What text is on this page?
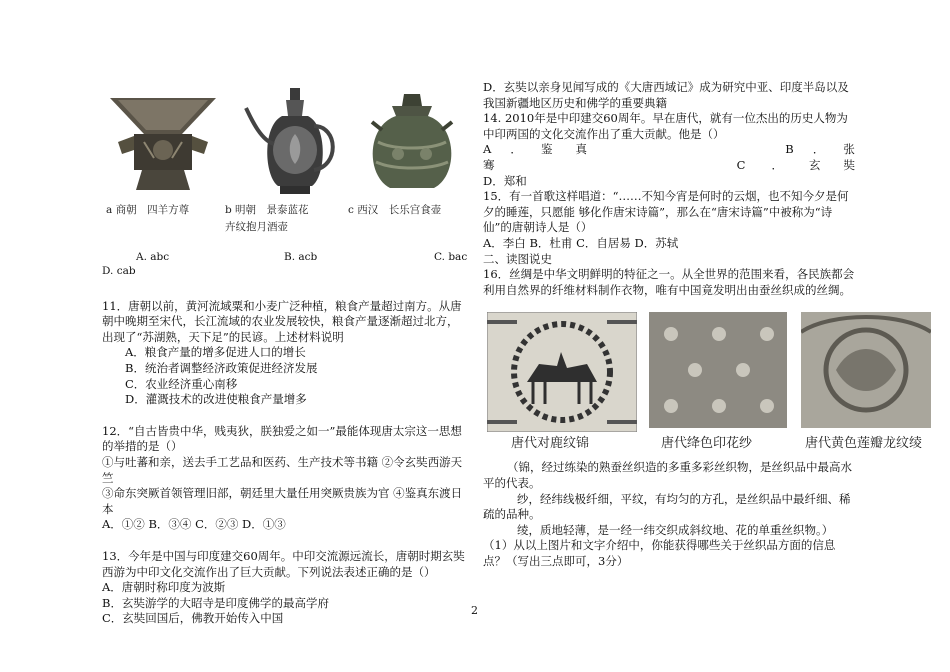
a 商朝　四羊方尊	b 明朝　景泰蓝花
卉纹抱月酒壶
c 西汉　长乐宫食壶
A. abc	B. acb	C. bac
D. cab

11．唐朝以前，黄河流域粟和小麦广泛种植，粮食产量超过南方。从唐朝中晚期至宋代，长江流域的农业发展较快，粮食产量逐渐超过北方，出现了“苏湖熟，天下足”的民谚。上述材料说明

A．粮食产量的增多促进人口的增长

B．统治者调整经济政策促进经济发展

C．农业经济重心南移

D．灌溉技术的改进使粮食产量增多

12．“自古皆贵中华，贱夷狄，朕独爱之如一”最能体现唐太宗这一思想的举措的是（）

①与吐蕃和亲，送去手工艺品和医药、生产技术等书籍 ②令玄奘西游天竺

③命东突厥首领管理旧部，朝廷里大量任用突厥贵族为官 ④鉴真东渡日本

A．①② B．③④ C．②③ D．①③

13．今年是中国与印度建交60周年。中印交流源远流长，唐朝时期玄奘西游为中印文化交流作出了巨大贡献。下列说法表述正确的是（）

A．唐朝时称印度为波斯

B．玄奘游学的大昭寺是印度佛学的最高学府

C．玄奘回国后，佛教开始传入中国

D．玄奘以亲身见闻写成的《大唐西域记》成为研究中亚、印度半岛以及我国新疆地区历史和佛学的重要典籍

14. 2010年是中印建交60周年。早在唐代，就有一位杰出的历史人物为中印两国的文化交流作出了重大贡献。他是（）

A ． 鉴　　真	B ． 张
骞	C ． 玄　　奘

D．郑和

15．有一首歌这样唱道：“……不知今宵是何时的云烟，也不知今夕是何夕的睡莲，只愿能 够化作唐宋诗篇”，那么在“唐宋诗篇”中被称为“诗仙”的唐朝诗人是（）

A．李白 B．杜甫 C．自居易 D．苏轼

二、读图说史

16．丝绸是中华文明鲜明的特征之一。从全世界的范围来看，各民族都会利用自然界的纤维材料制作衣物，唯有中国竟发明出由蚕丝织成的丝绸。

唐代对鹿纹锦	唐代绛色印花纱	唐代黄色莲瓣龙纹绫

（锦，经过练染的熟蚕丝织造的多重多彩丝织物，是丝织品中最高水平的代表。

纱，经纬线极纤细，平纹，有均匀的方孔，是丝织品中最纤细、稀疏的品种。

绫，质地轻薄，是一经一纬交织成斜纹地、花的单重丝织物。）

（1）从以上图片和文字介绍中，你能获得哪些关于丝织品方面的信息点？（写出三点即可，3分）

2
